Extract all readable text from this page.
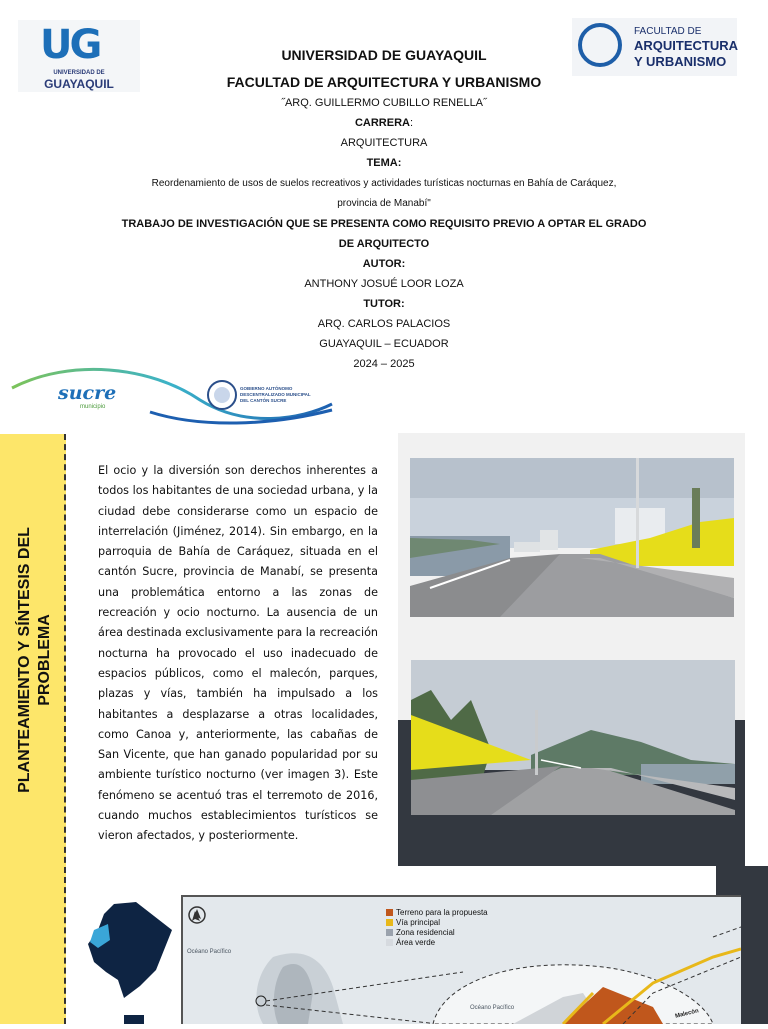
UG
UNIVERSIDAD DE
GUAYAQUIL
FACULTAD DE
ARQUITECTURA
Y URBANISMO
UNIVERSIDAD DE GUAYAQUIL
FACULTAD DE ARQUITECTURA Y URBANISMO
˝ARQ. GUILLERMO CUBILLO RENELLA˝
CARRERA:
ARQUITECTURA
TEMA:
Reordenamiento de usos de suelos recreativos y actividades turísticas nocturnas en Bahía de Caráquez,
provincia de Manabí"
TRABAJO DE INVESTIGACIÓN QUE SE PRESENTA COMO REQUISITO PREVIO A OPTAR EL GRADO
DE ARQUITECTO
AUTOR:
ANTHONY JOSUÉ LOOR LOZA
TUTOR:
ARQ. CARLOS PALACIOS
GUAYAQUIL – ECUADOR
2024 – 2025
sucre
municipio
GOBIERNO AUTÓNOMO
DESCENTRALIZADO MUNICIPAL
DEL CANTÓN SUCRE
PLANTEAMIENTO Y SÍNTESIS DEL PROBLEMA
El ocio y la diversión son derechos inherentes a todos los habitantes de una sociedad urbana, y la ciudad debe considerarse como un espacio de interrelación (Jiménez, 2014). Sin embargo, en la parroquia de Bahía de Caráquez, situada en el cantón Sucre, provincia de Manabí, se presenta una problemática entorno a las zonas de recreación y ocio nocturno. La ausencia de un área destinada exclusivamente para la recreación nocturna ha provocado el uso inadecuado de espacios públicos, como el malecón, parques, plazas y vías, también ha impulsado a los habitantes a desplazarse a otras localidades, como Canoa y, anteriormente, las cabañas de San Vicente, que han ganado popularidad por su ambiente turístico nocturno (ver imagen 3). Este fenómeno se acentuó tras el terremoto de 2016, cuando muchos establecimientos turísticos se vieron afectados, y posteriormente.
Océano Pacífico
Océano Pacífico
Malecón
Terreno para la propuesta
Vía principal
Zona residencial
Área verde
